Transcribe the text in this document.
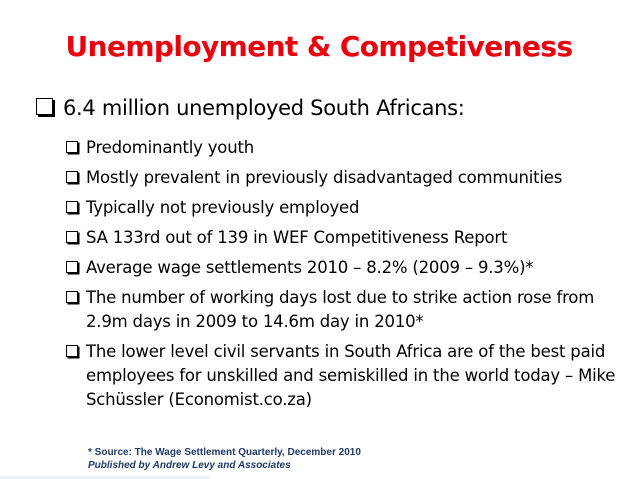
Unemployment & Competiveness
6.4 million unemployed South Africans:
Predominantly youth
Mostly prevalent in previously disadvantaged communities
Typically not previously employed
SA 133rd out of 139 in WEF Competitiveness Report
Average wage settlements 2010 – 8.2% (2009 – 9.3%)*
The number of working days lost due to strike action rose from 2.9m days in 2009 to 14.6m day in 2010*
The lower level civil servants in South Africa are of the best paid employees for unskilled and semiskilled in the world today – Mike Schüssler (Economist.co.za)
* Source: The Wage Settlement Quarterly, December 2010
Published by Andrew Levy and Associates
